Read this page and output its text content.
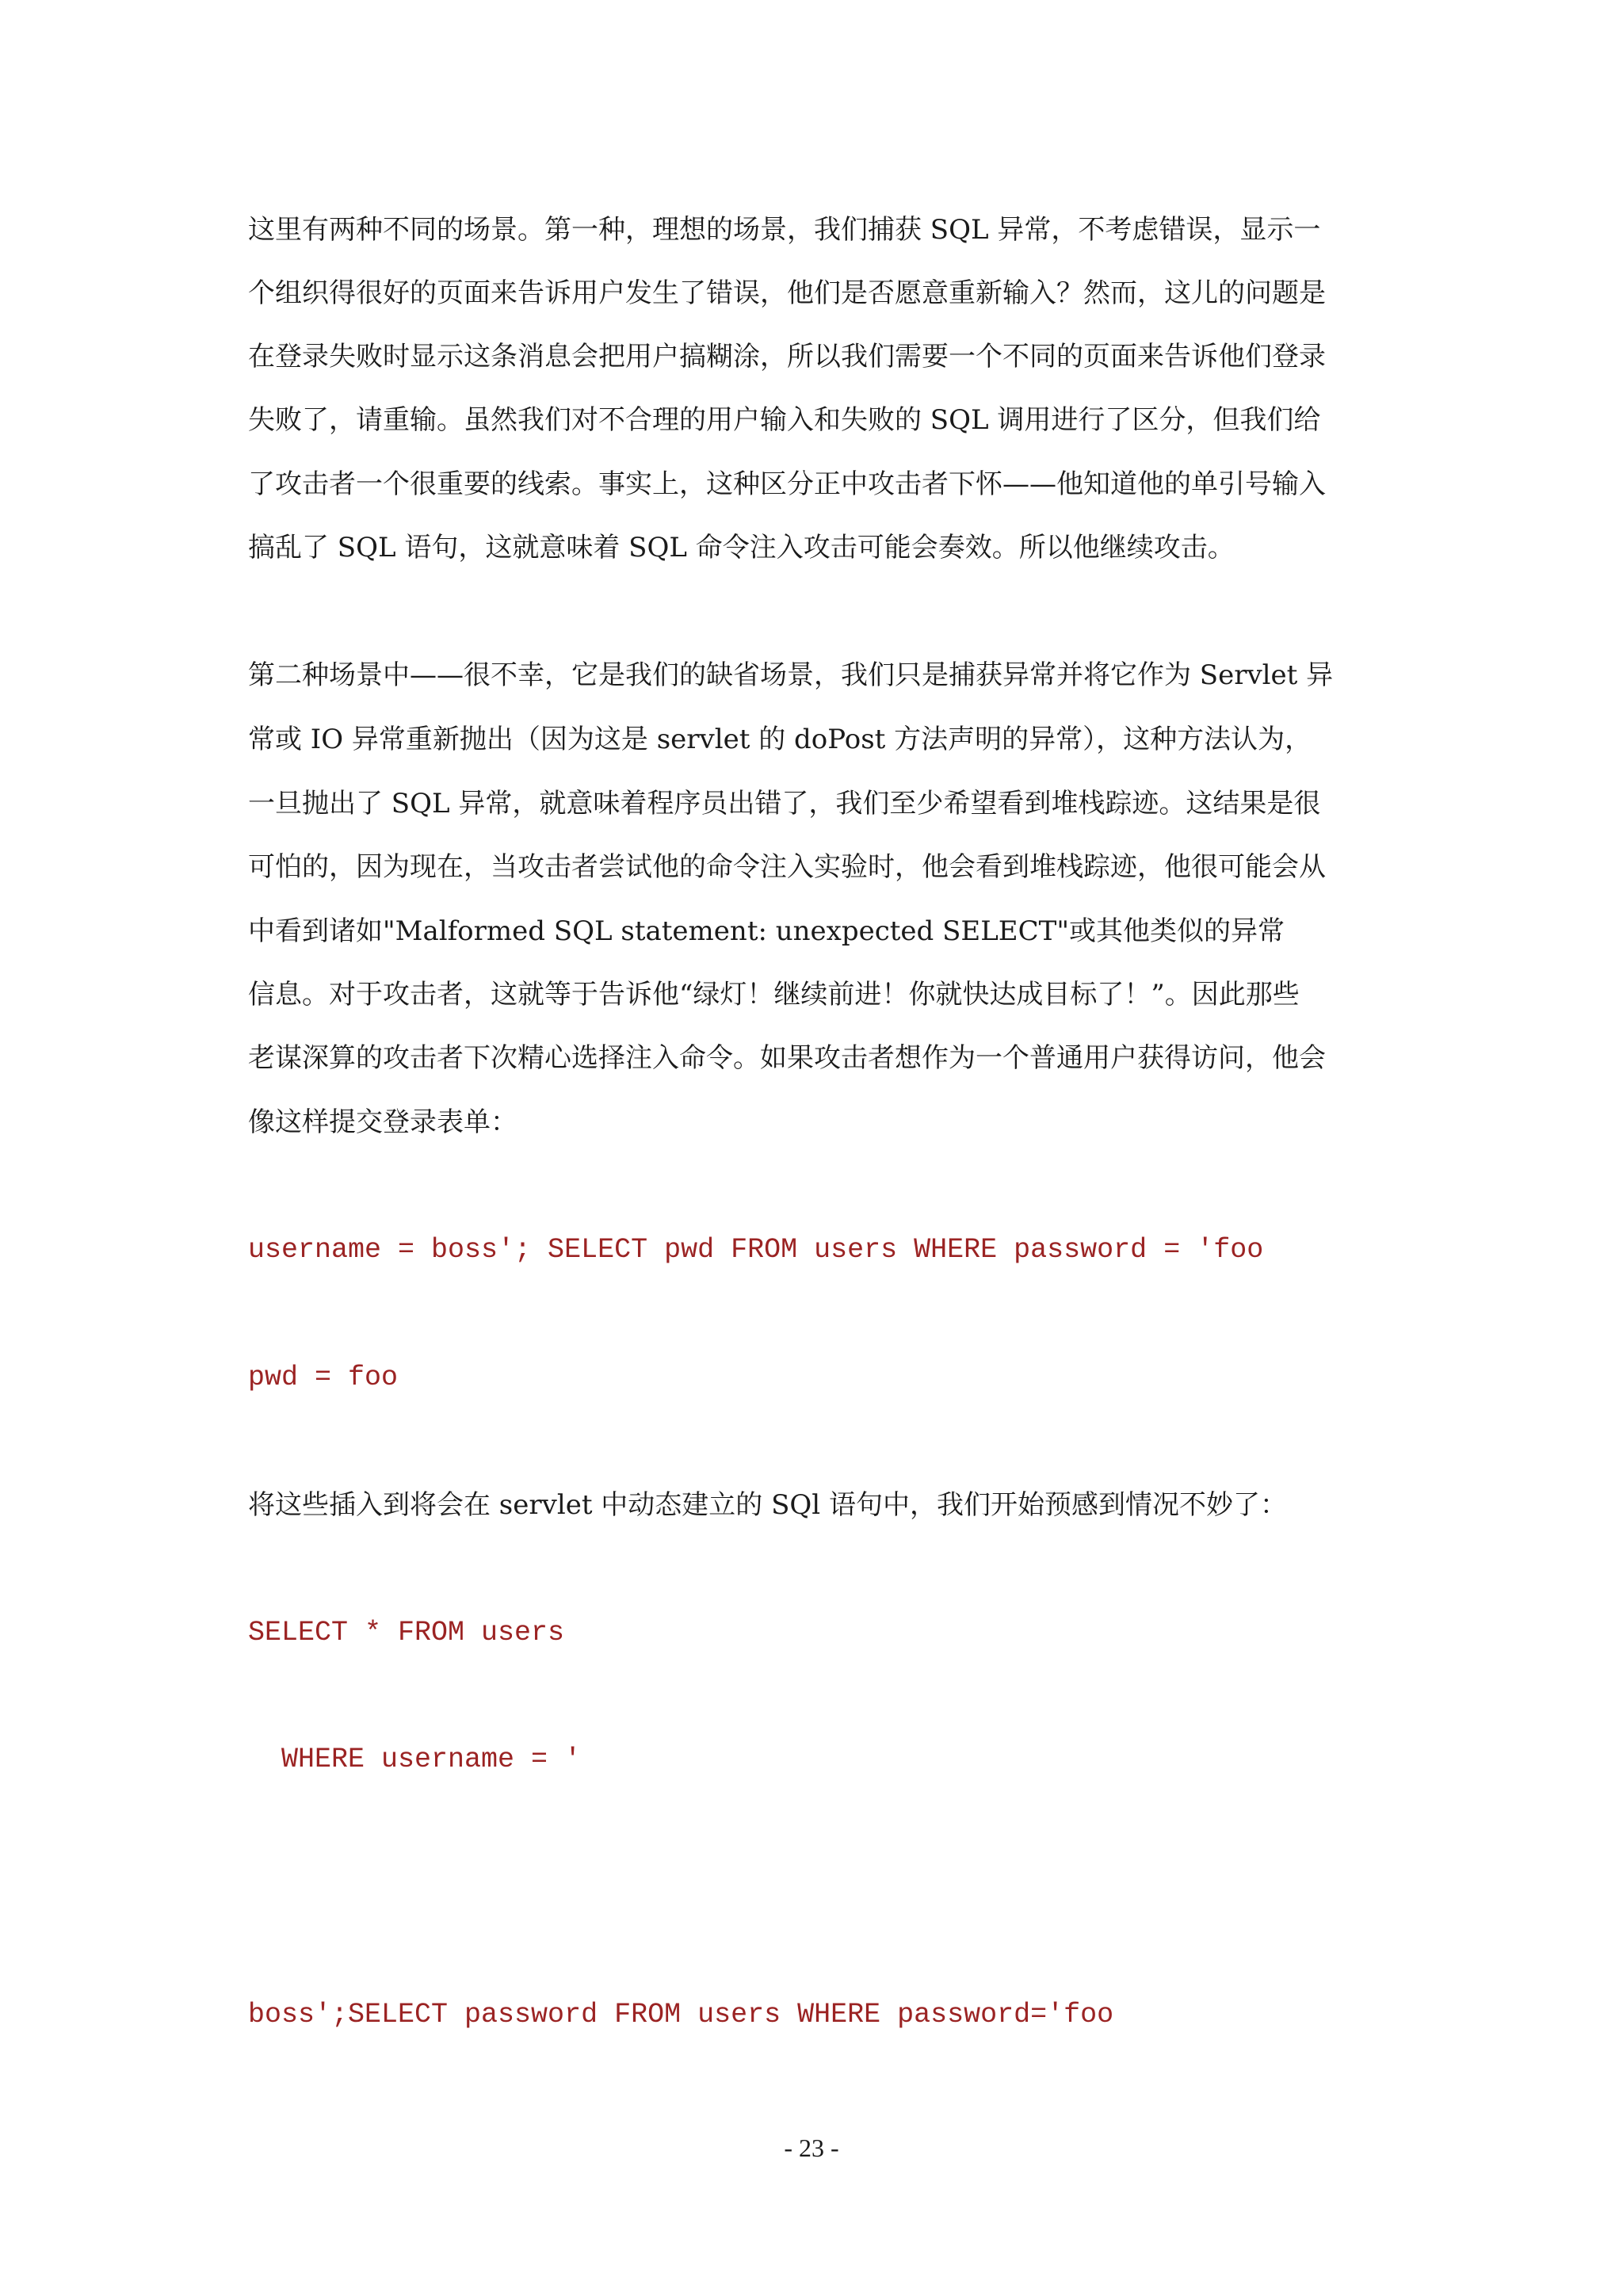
这里有两种不同的场景。第一种，理想的场景，我们捕获 SQL 异常，不考虑错误，显示一
个组织得很好的页面来告诉用户发生了错误，他们是否愿意重新输入？然而，这儿的问题是
在登录失败时显示这条消息会把用户搞糊涂，所以我们需要一个不同的页面来告诉他们登录
失败了，请重输。虽然我们对不合理的用户输入和失败的 SQL 调用进行了区分，但我们给
了攻击者一个很重要的线索。事实上，这种区分正中攻击者下怀——他知道他的单引号输入
搞乱了 SQL 语句，这就意味着 SQL 命令注入攻击可能会奏效。所以他继续攻击。
第二种场景中——很不幸，它是我们的缺省场景，我们只是捕获异常并将它作为 Servlet 异
常或 IO 异常重新抛出（因为这是 servlet 的 doPost 方法声明的异常），这种方法认为，
一旦抛出了 SQL 异常，就意味着程序员出错了，我们至少希望看到堆栈踪迹。这结果是很
可怕的，因为现在，当攻击者尝试他的命令注入实验时，他会看到堆栈踪迹，他很可能会从
中看到诸如"Malformed SQL statement: unexpected SELECT"或其他类似的异常
信息。对于攻击者，这就等于告诉他“绿灯！继续前进！你就快达成目标了！”。因此那些
老谋深算的攻击者下次精心选择注入命令。如果攻击者想作为一个普通用户获得访问，他会
像这样提交登录表单：
username = boss'; SELECT pwd FROM users WHERE password = 'foo
pwd = foo
将这些插入到将会在 servlet 中动态建立的 SQl 语句中，我们开始预感到情况不妙了：
SELECT * FROM users
WHERE username = '
boss';SELECT password FROM users WHERE password='foo
- 23 -
